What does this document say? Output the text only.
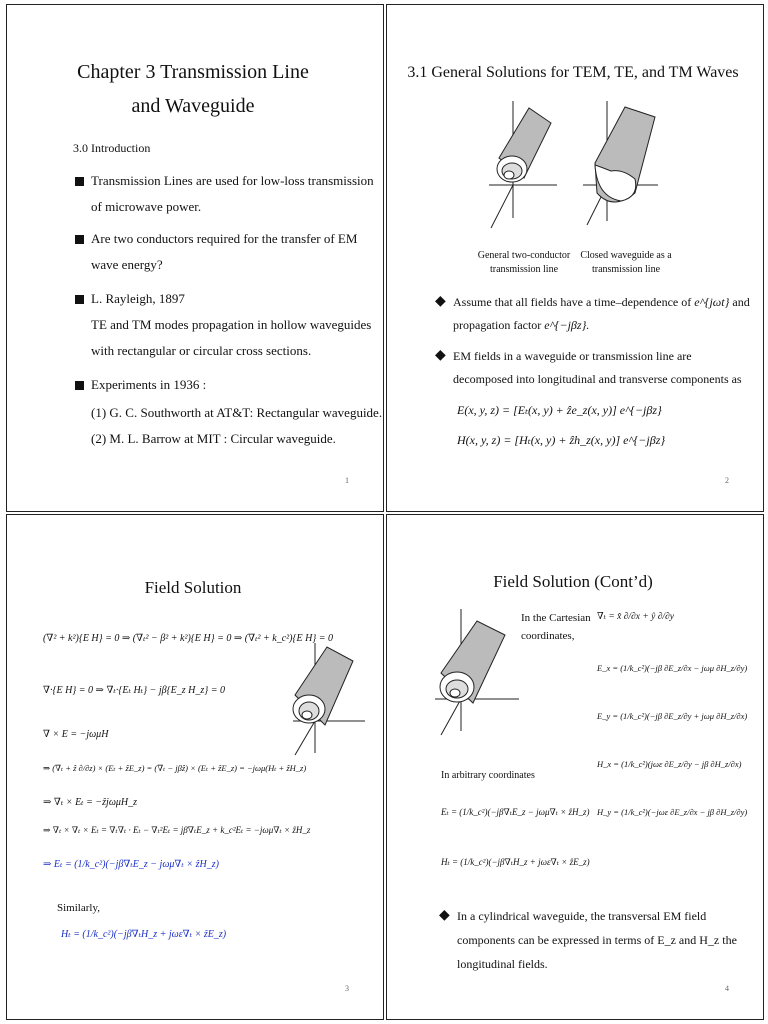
Chapter 3 Transmission Line
and Waveguide
3.0 Introduction
Transmission Lines are used for low-loss transmission
of microwave power.
Are two conductors required for the transfer of EM
wave energy?
L. Rayleigh, 1897
TE and TM modes propagation in hollow waveguides
with rectangular or circular cross sections.
Experiments in 1936 :
(1) G. C. Southworth at AT&T: Rectangular waveguide.
(2) M. L. Barrow at MIT : Circular waveguide.
1
3.1 General Solutions for TEM, TE, and TM Waves
General two-conductor
transmission line
Closed waveguide as a
transmission line
◆ Assume that all fields have a time–dependence of e^{jωt} and
propagation factor e^{−jβz}.
◆ EM fields in a waveguide or transmission line are
decomposed into longitudinal and transverse components as
E(x, y, z) = [Eₜ(x, y) + ẑe_z(x, y)] e^{−jβz}
H(x, y, z) = [Hₜ(x, y) + ẑh_z(x, y)] e^{−jβz}
2
Field Solution
(∇² + k²){E H} = 0 ⇒ (∇ₜ² − β² + k²){E H} = 0 ⇒ (∇ₜ² + k_c²){E H} = 0
∇·{E H} = 0 ⇒ ∇ₜ·{Eₜ Hₜ} − jβ{E_z H_z} = 0
∇ × E = −jωμH
⇒ (∇ₜ + ẑ ∂/∂z) × (Eₜ + ẑE_z) = (∇ₜ − jβẑ) × (Eₜ + ẑE_z) = −jωμ(Hₜ + ẑH_z)
⇒ ∇ₜ × Eₜ = −ẑjωμH_z
⇒ ∇ₜ × ∇ₜ × Eₜ = ∇ₜ∇ₜ · Eₜ − ∇ₜ²Eₜ = jβ∇ₜE_z + k_c²Eₜ = −jωμ∇ₜ × ẑH_z
⇒ Eₜ = (1/k_c²)(−jβ∇ₜE_z − jωμ∇ₜ × ẑH_z)
Similarly,
Hₜ = (1/k_c²)(−jβ∇ₜH_z + jωε∇ₜ × ẑE_z)
3
Field Solution (Cont’d)
In the Cartesian
coordinates,
∇ₜ = x̂ ∂/∂x + ŷ ∂/∂y
E_x = (1/k_c²)(−jβ ∂E_z/∂x − jωμ ∂H_z/∂y)
E_y = (1/k_c²)(−jβ ∂E_z/∂y + jωμ ∂H_z/∂x)
H_x = (1/k_c²)(jωε ∂E_z/∂y − jβ ∂H_z/∂x)
H_y = (1/k_c²)(−jωε ∂E_z/∂x − jβ ∂H_z/∂y)
In arbitrary coordinates
Eₜ = (1/k_c²)(−jβ∇ₜE_z − jωμ∇ₜ × ẑH_z)
Hₜ = (1/k_c²)(−jβ∇ₜH_z + jωε∇ₜ × ẑE_z)
◆ In a cylindrical waveguide, the transversal EM field
components can be expressed in terms of E_z and H_z the
longitudinal fields.
4
